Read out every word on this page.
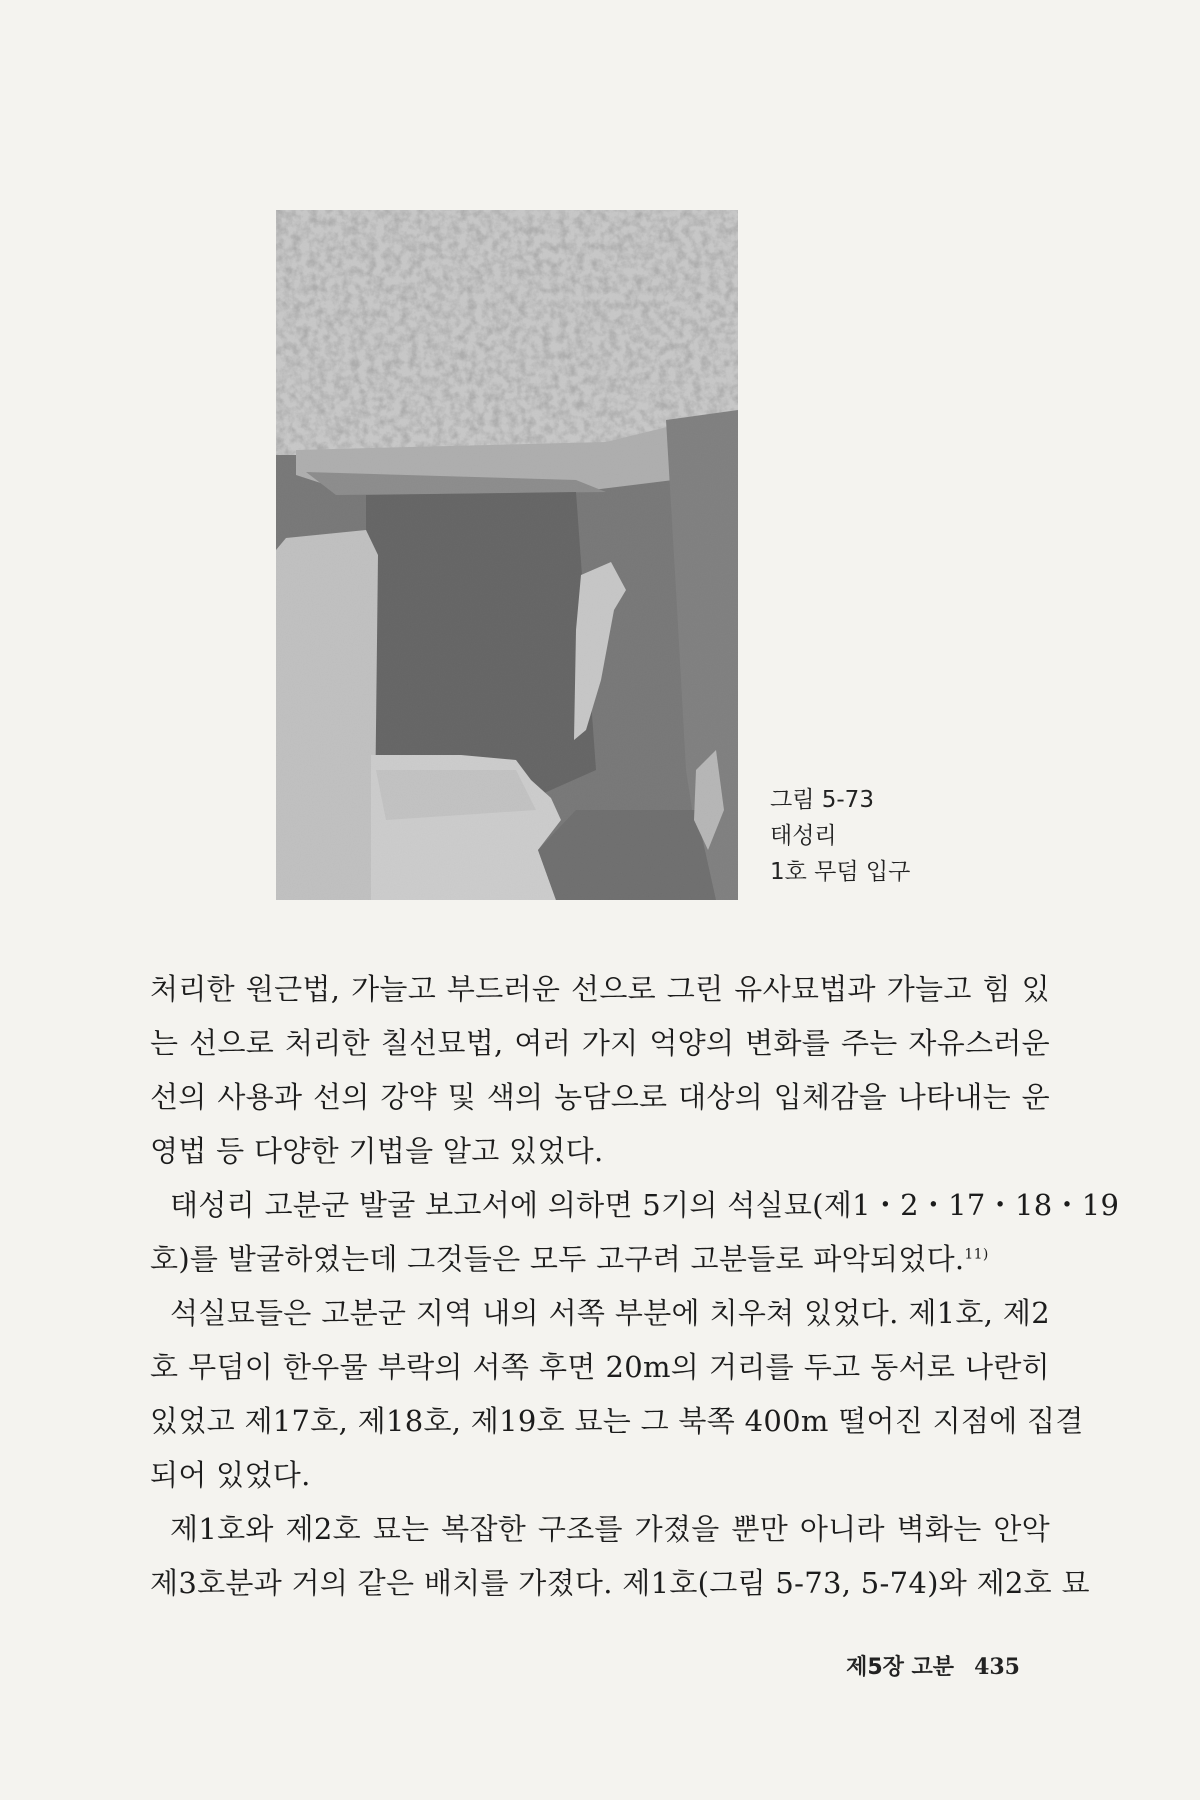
그림 5-73
태성리
1호 무덤 입구
처리한 원근법, 가늘고 부드러운 선으로 그린 유사묘법과 가늘고 힘 있
는 선으로 처리한 칠선묘법, 여러 가지 억양의 변화를 주는 자유스러운
선의 사용과 선의 강약 및 색의 농담으로 대상의 입체감을 나타내는 운
영법 등 다양한 기법을 알고 있었다.
태성리 고분군 발굴 보고서에 의하면 5기의 석실묘(제1・2・17・18・19
호)를 발굴하였는데 그것들은 모두 고구려 고분들로 파악되었다.$^{11)}$
석실묘들은 고분군 지역 내의 서쪽 부분에 치우쳐 있었다. 제1호, 제2
호 무덤이 한우물 부락의 서쪽 후면 20m의 거리를 두고 동서로 나란히
있었고 제17호, 제18호, 제19호 묘는 그 북쪽 400m 떨어진 지점에 집결
되어 있었다.
제1호와 제2호 묘는 복잡한 구조를 가졌을 뿐만 아니라 벽화는 안악
제3호분과 거의 같은 배치를 가졌다. 제1호(그림 5-73, 5-74)와 제2호 묘
제5장 고분 435
